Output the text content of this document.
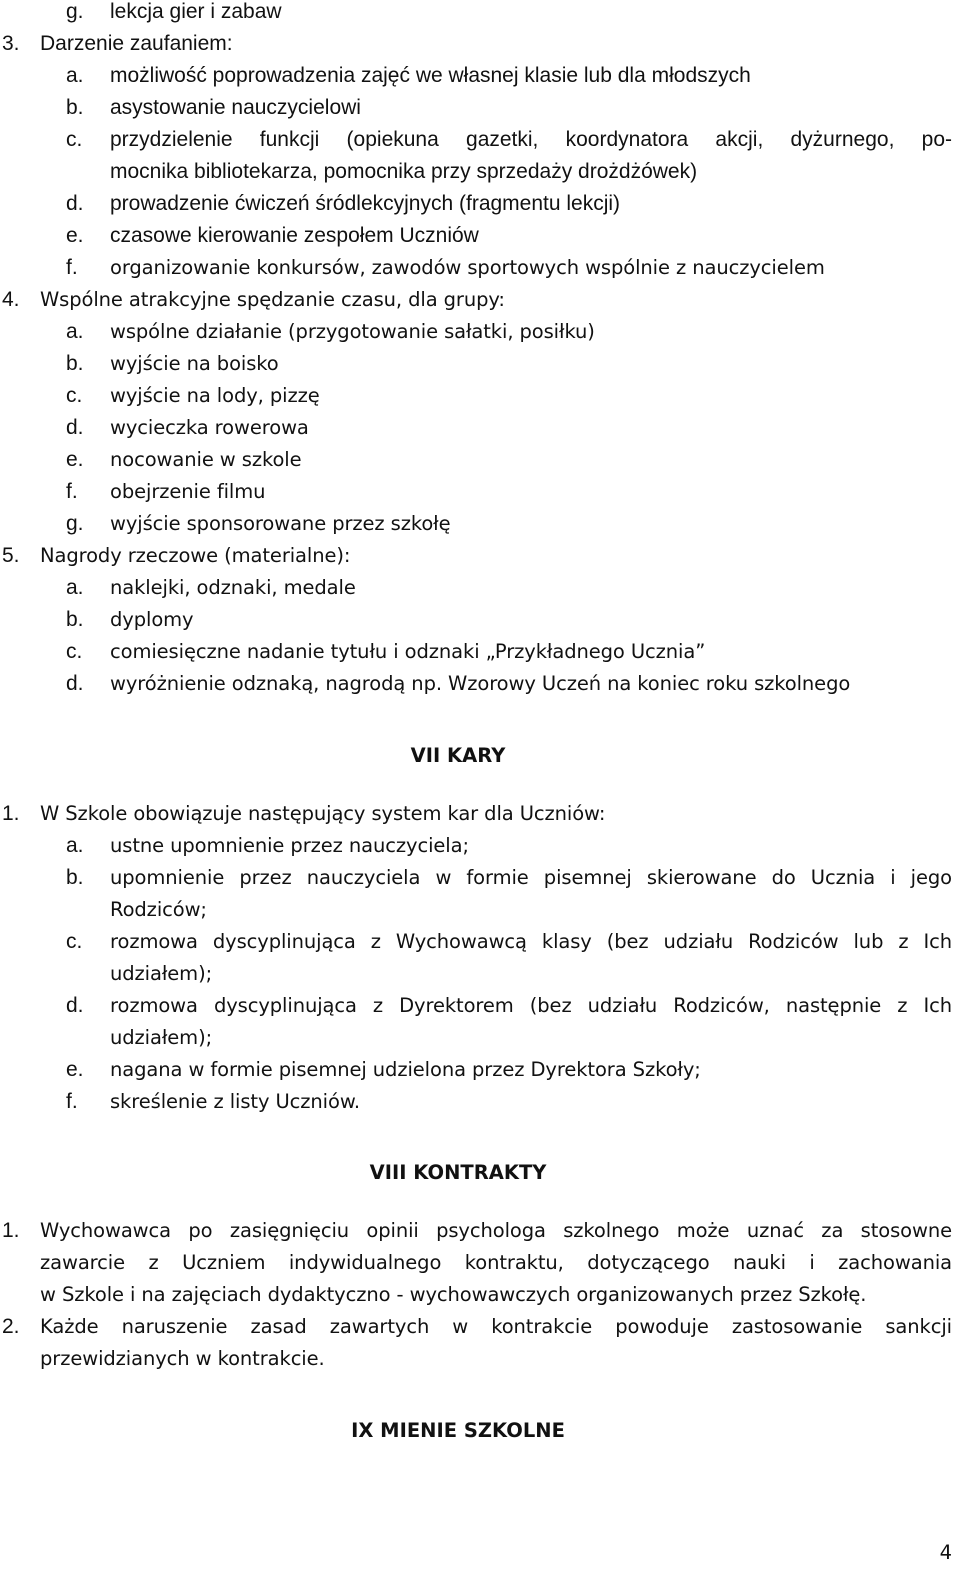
g. lekcja gier i zabaw
3. Darzenie zaufaniem:
a. możliwość poprowadzenia zajęć we własnej klasie lub dla młodszych
b. asystowanie nauczycielowi
c. przydzielenie funkcji (opiekuna gazetki, koordynatora akcji, dyżurnego, po-
mocnika bibliotekarza, pomocnika przy sprzedaży drożdżówek)
d. prowadzenie ćwiczeń śródlekcyjnych (fragmentu lekcji)
e. czasowe kierowanie zespołem Uczniów
f. organizowanie konkursów, zawodów sportowych wspólnie z nauczycielem
4. Wspólne atrakcyjne spędzanie czasu, dla grupy:
a. wspólne działanie (przygotowanie sałatki, posiłku)
b. wyjście na boisko
c. wyjście na lody, pizzę
d. wycieczka rowerowa
e. nocowanie w szkole
f. obejrzenie filmu
g. wyjście sponsorowane przez szkołę
5. Nagrody rzeczowe (materialne):
a. naklejki, odznaki, medale
b. dyplomy
c. comiesięczne nadanie tytułu i odznaki „Przykładnego Ucznia”
d. wyróżnienie odznaką, nagrodą np. Wzorowy Uczeń na koniec roku szkolnego
VII KARY
1. W Szkole obowiązuje następujący system kar dla Uczniów:
a. ustne upomnienie przez nauczyciela;
b. upomnienie przez nauczyciela w formie pisemnej skierowane do Ucznia i jego
Rodziców;
c. rozmowa dyscyplinująca z Wychowawcą klasy (bez udziału Rodziców lub z Ich
udziałem);
d. rozmowa dyscyplinująca z Dyrektorem (bez udziału Rodziców, następnie z Ich
udziałem);
e. nagana w formie pisemnej udzielona przez Dyrektora Szkoły;
f. skreślenie z listy Uczniów.
VIII KONTRAKTY
1. Wychowawca po zasięgnięciu opinii psychologa szkolnego może uznać za stosowne
zawarcie z Uczniem indywidualnego kontraktu, dotyczącego nauki i zachowania
w Szkole i na zajęciach dydaktyczno - wychowawczych organizowanych przez Szkołę.
2. Każde naruszenie zasad zawartych w kontrakcie powoduje zastosowanie sankcji
przewidzianych w kontrakcie.
IX MIENIE SZKOLNE
4
